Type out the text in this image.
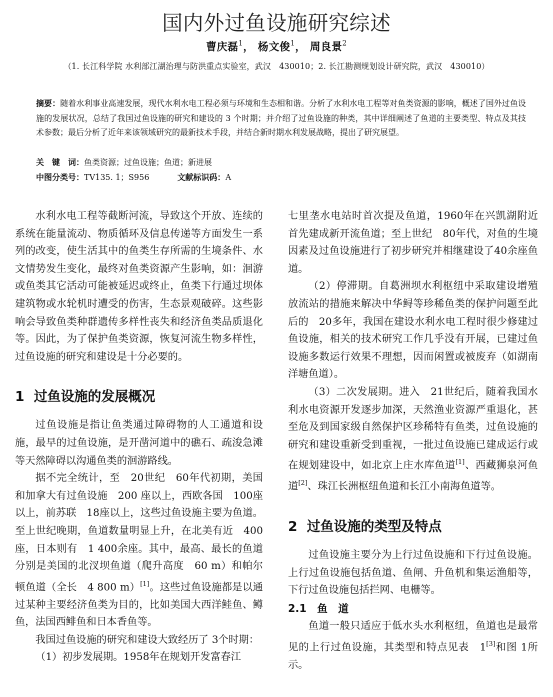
国内外过鱼设施研究综述
曹庆磊$^1$， 杨文俊$^1$， 周良景$^2$
（1. 长江科学院 水利部江湖治理与防洪重点实验室，武汉　430010；2. 长江勘测规划设计研究院，武汉　430010）

摘要：随着水利事业高速发展，现代水利水电工程必须与环境和生态相和谐。分析了水利水电工程等对鱼类资源的影响，概述了国外过鱼设施的发展状况，总结了我国过鱼设施的研究和建设的 3 个时期；并介绍了过鱼设施的种类，其中详细阐述了鱼道的主要类型、特点及其技术参数；最后分析了近年来该领域研究的最新技术手段，并结合新时期水利发展战略，提出了研究展望。

关　键　词：鱼类资源；过鱼设施；鱼道；新进展

中图分类号：TV135. 1；S956	文献标识码：A

水利水电工程等截断河流，导致这个开放、连续的系统在能量流动、物质循环及信息传递等方面发生一系列的改变，使生活其中的鱼类生存所需的生境条件、水文情势发生变化，最终对鱼类资源产生影响，如：洄游或鱼类其它活动可能被延迟或终止，鱼类下行通过坝体建筑物或水轮机时遭受的伤害，生态景观破碎。这些影响会导致鱼类种群遗传多样性丧失和经济鱼类品质退化等。因此，为了保护鱼类资源，恢复河流生物多样性，过鱼设施的研究和建设是十分必要的。

1 过鱼设施的发展概况

过鱼设施是指让鱼类通过障碍物的人工通道和设施，最早的过鱼设施，是开凿河道中的礁石、疏浚急滩等天然障碍以沟通鱼类的洄游路线。

据不完全统计，至　20世纪　60年代初期，美国和加拿大有过鱼设施　200 座以上，西欧各国　100座以上，前苏联　18座以上，这些过鱼设施主要为鱼道。至上世纪晚期，鱼道数量明显上升，在北美有近　400座，日本则有　1 400余座。其中，最高、最长的鱼道分别是美国的北汊坝鱼道（爬升高度　60 m）和帕尔顿鱼道（全长　4 800 m）[1]。这些过鱼设施都是以通过某种主要经济鱼类为目的，比如美国大西洋鲑鱼、鳟鱼，法国西鲱鱼和日本香鱼等。

我国过鱼设施的研究和建设大致经历了 3个时期：

（1）初步发展期。1958年在规划开发富春江

七里垄水电站时首次提及鱼道，1960年在兴凯湖附近首先建成新开流鱼道；至上世纪　80年代，对鱼的生境因素及过鱼设施进行了初步研究并相继建设了40余座鱼道。

（2）停滞期。自葛洲坝水利枢纽中采取建设增殖放流站的措施来解决中华鲟等珍稀鱼类的保护问题至此后的　20多年，我国在建设水利水电工程时很少修建过鱼设施，相关的技术研究工作几乎没有开展，已建过鱼设施多数运行效果不理想，因而闲置或被废弃（如湖南洋塘鱼道）。

（3）二次发展期。进入　21世纪后，随着我国水利水电资源开发逐步加深，天然渔业资源严重退化，甚至危及到国家级自然保护区珍稀特有鱼类，过鱼设施的研究和建设重新受到重视，一批过鱼设施已建成运行或在规划建设中，如北京上庄水库鱼道[1]、西藏狮泉河鱼道[2]、珠江长洲枢纽鱼道和长江小南海鱼道等。

2 过鱼设施的类型及特点

过鱼设施主要分为上行过鱼设施和下行过鱼设施。上行过鱼设施包括鱼道、鱼闸、升鱼机和集运渔船等，下行过鱼设施包括拦网、电栅等。

2.1　鱼　道

鱼道一般只适应于低水头水利枢纽，鱼道也是最常见的上行过鱼设施，其类型和特点见表　1[3]和图 1所示。
